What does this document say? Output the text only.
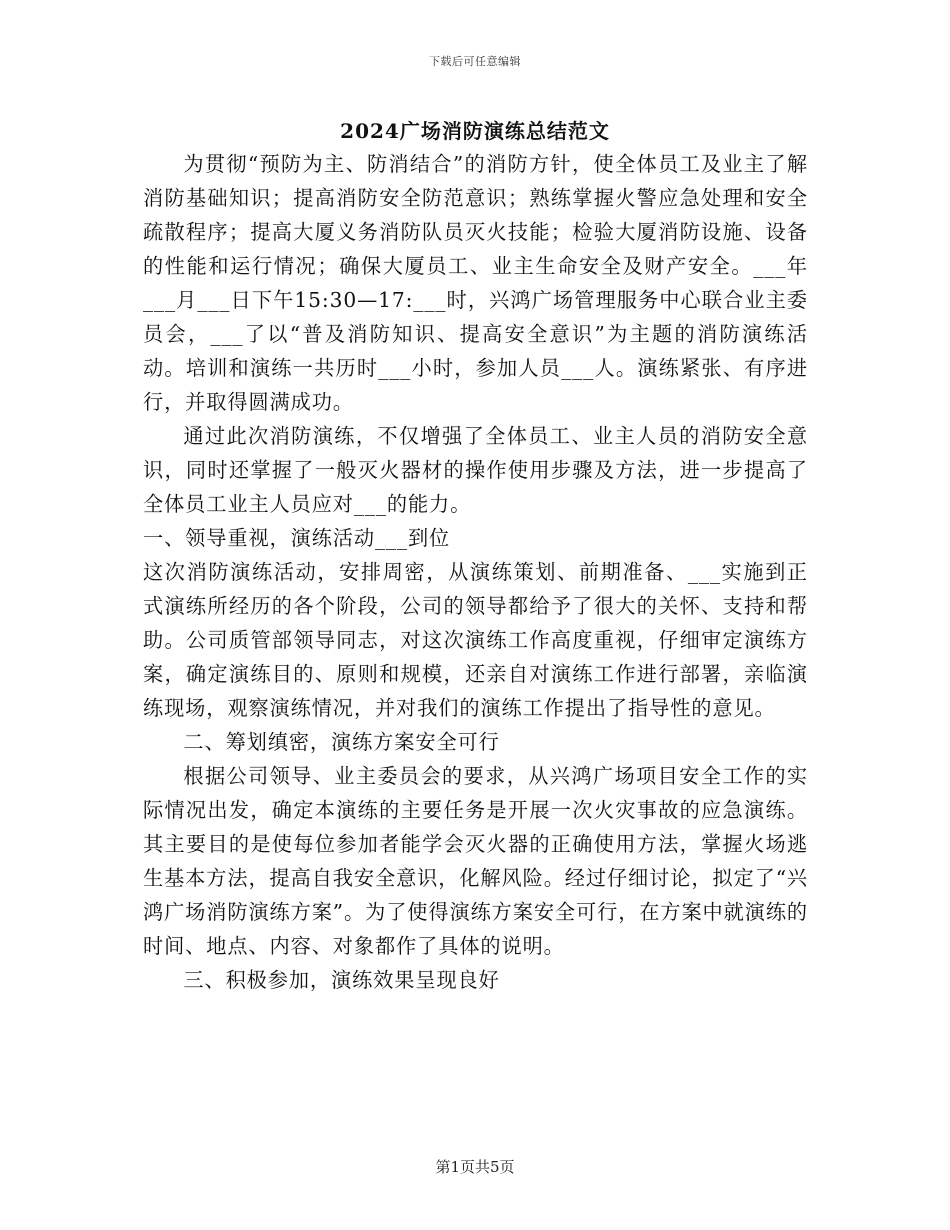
下载后可任意编辑
2024广场消防演练总结范文

为贯彻“预防为主、防消结合”的消防方针，使全体员工及业主了解消防基础知识；提高消防安全防范意识；熟练掌握火警应急处理和安全疏散程序；提高大厦义务消防队员灭火技能；检验大厦消防设施、设备的性能和运行情况；确保大厦员工、业主生命安全及财产安全。___年___月___日下午15:30—17:___时，兴鸿广场管理服务中心联合业主委员会，___了以“普及消防知识、提高安全意识”为主题的消防演练活动。培训和演练一共历时___小时，参加人员___人。演练紧张、有序进行，并取得圆满成功。

通过此次消防演练，不仅增强了全体员工、业主人员的消防安全意识，同时还掌握了一般灭火器材的操作使用步骤及方法，进一步提高了全体员工业主人员应对___的能力。

一、领导重视，演练活动___到位

这次消防演练活动，安排周密，从演练策划、前期准备、___实施到正式演练所经历的各个阶段，公司的领导都给予了很大的关怀、支持和帮助。公司质管部领导同志，对这次演练工作高度重视，仔细审定演练方案，确定演练目的、原则和规模，还亲自对演练工作进行部署，亲临演练现场，观察演练情况，并对我们的演练工作提出了指导性的意见。

二、筹划缜密，演练方案安全可行

根据公司领导、业主委员会的要求，从兴鸿广场项目安全工作的实际情况出发，确定本演练的主要任务是开展一次火灾事故的应急演练。其主要目的是使每位参加者能学会灭火器的正确使用方法，掌握火场逃生基本方法，提高自我安全意识，化解风险。经过仔细讨论，拟定了“兴鸿广场消防演练方案”。为了使得演练方案安全可行，在方案中就演练的时间、地点、内容、对象都作了具体的说明。

三、积极参加，演练效果呈现良好

第1页共5页
